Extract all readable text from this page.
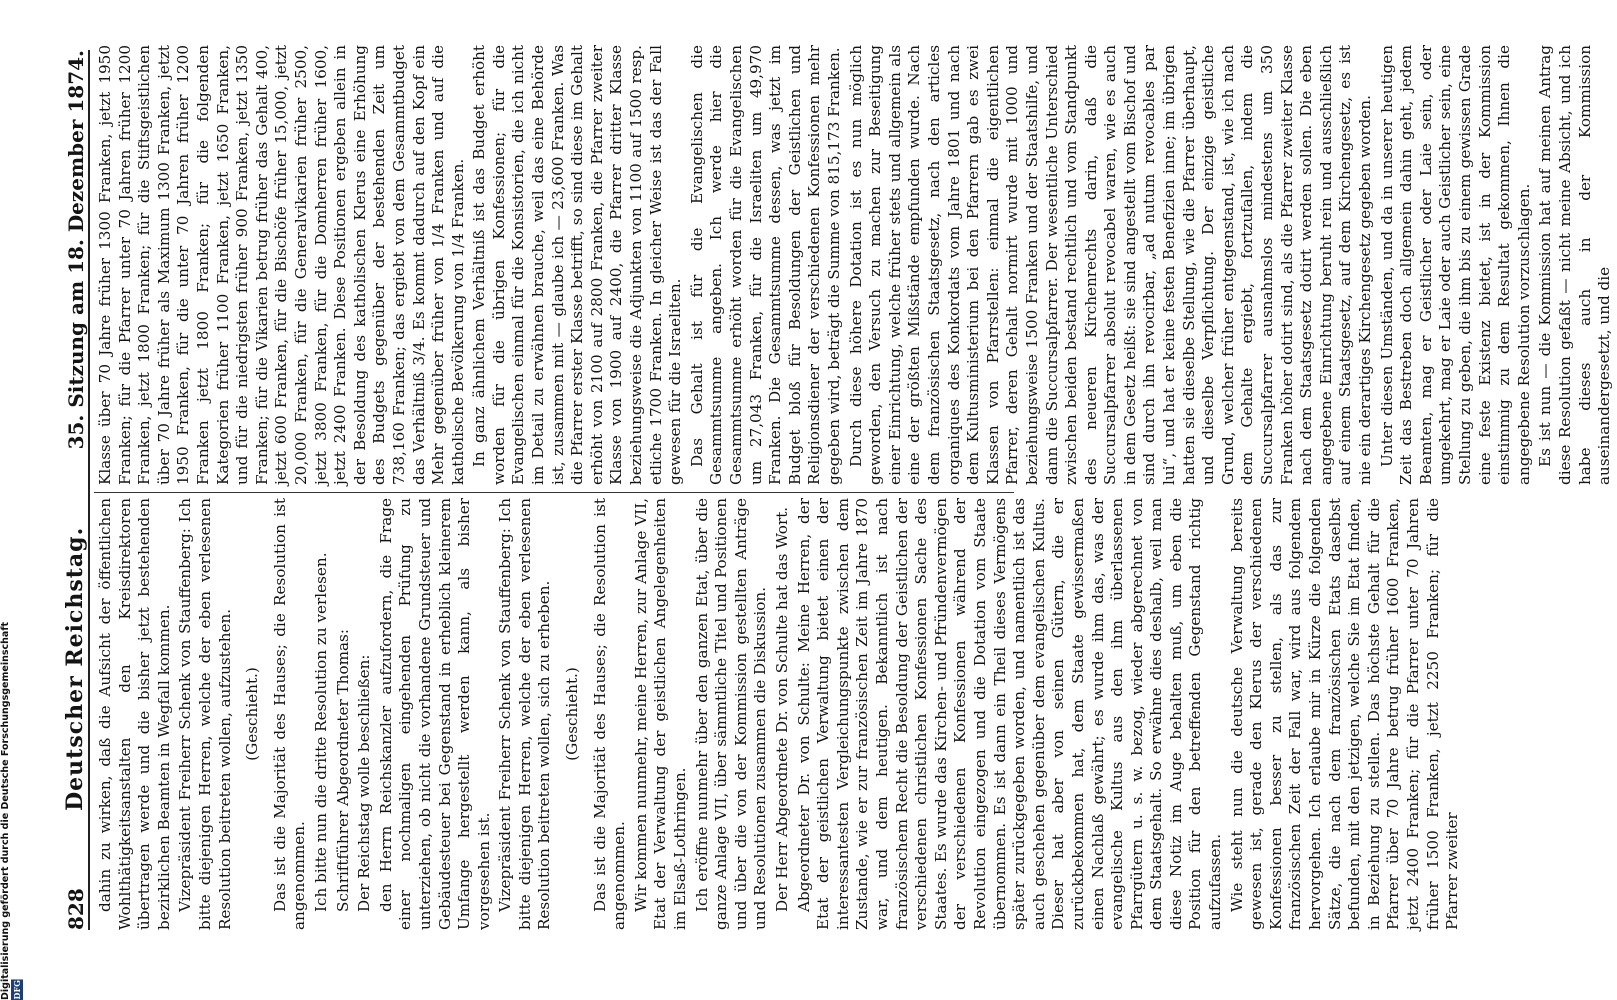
Digitalisierung gefördert durch die Deutsche Forschungsgemeinschaft DFG
828
Deutscher Reichstag.
35. Sitzung am 18. Dezember 1874.

dahin zu wirken, daß die Aufsicht der öffentlichen Wohlthätigkeitsanstalten den Kreisdirektoren übertragen werde und die bisher jetzt bestehenden bezirklichen Beamten in Wegfall kommen. Vizepräsident Freiherr Schenk von Stauffenberg: Ich bitte diejenigen Herren, welche der eben verlesenen Resolution beitreten wollen, aufzustehen. (Geschieht.) Das ist die Majorität des Hauses; die Resolution ist angenommen. Ich bitte nun die dritte Resolution zu verlesen. Schriftführer Abgeordneter Thomas: Der Reichstag wolle beschließen: den Herrn Reichskanzler aufzufordern, die Frage einer nochmaligen eingehenden Prüfung zu unterziehen, ob nicht die vorhandene Grundsteuer und Gebäudesteuer bei Gegenstand in erheblich kleinerem Umfange hergestellt werden kann, als bisher vorgesehen ist. Vizepräsident Freiherr Schenk von Stauffenberg: Ich bitte diejenigen Herren, welche der eben verlesenen Resolution beitreten wollen, sich zu erheben. (Geschieht.) Das ist die Majorität des Hauses; die Resolution ist angenommen. Wir kommen nunmehr, meine Herren, zur Anlage VII, Etat der Verwaltung der geistlichen Angelegenheiten im Elsaß-Lothringen. Ich eröffne nunmehr über den ganzen Etat, über die ganze Anlage VII, über sämmtliche Titel und Positionen und über die von der Kommission gestellten Anträge und Resolutionen zusammen die Diskussion. Der Herr Abgeordnete Dr. von Schulte hat das Wort. Abgeordneter Dr. von Schulte: Meine Herren, der Etat der geistlichen Verwaltung bietet einen der interessantesten Vergleichungspunkte zwischen dem Zustande, wie er zur französischen Zeit im Jahre 1870 war, und dem heutigen. Bekanntlich ist nach französischem Recht die Besoldung der Geistlichen der verschiedenen christlichen Konfessionen Sache des Staates. Es wurde das Kirchen- und Pfründenvermögen der verschiedenen Konfessionen während der Revolution eingezogen und die Dotation vom Staate übernommen. Es ist dann ein Theil dieses Vermögens später zurückgegeben worden, und namentlich ist das auch geschehen gegenüber dem evangelischen Kultus. Dieser hat aber von seinen Gütern, die er zurückbekommen hat, dem Staate gewissermaßen einen Nachlaß gewährt; es wurde ihm das, was der evangelische Kultus aus den ihm überlassenen Pfarrgütern u. s. w. bezog, wieder abgerechnet von dem Staatsgehalt. So erwähne dies deshalb, weil man diese Notiz im Auge behalten muß, um eben die Position für den betreffenden Gegenstand richtig aufzufassen. Wie steht nun die deutsche Verwaltung bereits gewesen ist, gerade den Klerus der verschiedenen Konfessionen besser zu stellen, als das zur französischen Zeit der Fall war, wird aus folgendem hervorgehen. Ich erlaube mir in Kürze die folgenden Sätze, die nach dem französischen Etats daselbst befunden, mit den jetzigen, welche Sie im Etat finden, in Beziehung zu stellen. Das höchste Gehalt für die Pfarrer über 70 Jahre betrug früher 1600 Franken, jetzt 2400 Franken; für die Pfarrer unter 70 Jahren früher 1500 Franken, jetzt 2250 Franken; für die Pfarrer zweiter

Klasse über 70 Jahre früher 1300 Franken, jetzt 1950 Franken; für die Pfarrer unter 70 Jahren früher 1200 Franken, jetzt 1800 Franken; für die Stiftsgeistlichen über 70 Jahre früher als Maximum 1300 Franken, jetzt 1950 Franken, für die unter 70 Jahren früher 1200 Franken jetzt 1800 Franken; für die folgenden Kategorien früher 1100 Franken, jetzt 1650 Franken, und für die niedrigsten früher 900 Franken, jetzt 1350 Franken; für die Vikarien betrug früher das Gehalt 400, jetzt 600 Franken, für die Bischöfe früher 15,000, jetzt 20,000 Franken, für die Generalvikarien früher 2500, jetzt 3800 Franken, für die Domherren früher 1600, jetzt 2400 Franken. Diese Positionen ergeben allein in der Besoldung des katholischen Klerus eine Erhöhung des Budgets gegenüber der bestehenden Zeit um 738,160 Franken; das ergiebt von dem Gesammtbudget das Verhältniß 3/4. Es kommt dadurch auf den Kopf ein Mehr gegenüber früher von 1/4 Franken und auf die katholische Bevölkerung von 1/4 Franken. In ganz ähnlichem Verhältniß ist das Budget erhöht worden für die übrigen Konfessionen; für die Evangelischen einmal für die Konsistorien, die ich nicht im Detail zu erwähnen brauche, weil das eine Behörde ist, zusammen mit — glaube ich — 23,600 Franken. Was die Pfarrer erster Klasse betrifft, so sind diese im Gehalt erhöht von 2100 auf 2800 Franken, die Pfarrer zweiter Klasse von 1900 auf 2400, die Pfarrer dritter Klasse beziehungsweise die Adjunkten von 1100 auf 1500 resp. etliche 1700 Franken. In gleicher Weise ist das der Fall gewesen für die Israeliten. Das Gehalt ist für die Evangelischen die Gesammtsumme angeben. Ich werde hier die Gesammtsumme erhöht worden für die Evangelischen um 27,043 Franken, für die Israeliten um 49,970 Franken. Die Gesammtsumme dessen, was jetzt im Budget bloß für Besoldungen der Geistlichen und Religionsdiener der verschiedenen Konfessionen mehr gegeben wird, beträgt die Summe von 815,173 Franken. Durch diese höhere Dotation ist es nun möglich geworden, den Versuch zu machen zur Beseitigung einer Einrichtung, welche früher stets und allgemein als eine der größten Mißstände empfunden wurde. Nach dem französischen Staatsgesetz, nach den articles organiques des Konkordats vom Jahre 1801 und nach dem Kultusministerium bei den Pfarrern gab es zwei Klassen von Pfarrstellen: einmal die eigentlichen Pfarrer, deren Gehalt normirt wurde mit 1000 und beziehungsweise 1500 Franken und der Staatshilfe, und dann die Succursalpfarrer. Der wesentliche Unterschied zwischen beiden bestand rechtlich und vom Standpunkt des neueren Kirchenrechts darin, daß die Succursalpfarrer absolut revocabel waren, wie es auch in dem Gesetz heißt: sie sind angestellt vom Bischof und sind durch ihn revocirbar, „ad nutum revocables par lui“, und hat er keine festen Benefizien inne; im übrigen hatten sie dieselbe Stellung, wie die Pfarrer überhaupt, und dieselbe Verpflichtung. Der einzige geistliche Grund, welcher früher entgegenstand, ist, wie ich nach dem Gehalte ergiebt, fortzufallen, indem die Succursalpfarrer ausnahmslos mindestens um 350 Franken höher dotirt sind, als die Pfarrer zweiter Klasse nach dem Staatsgesetz dotirt werden sollen. Die eben angegebene Einrichtung beruht rein und ausschließlich auf einem Staatsgesetz, auf dem Kirchengesetz, es ist nie ein derartiges Kirchengesetz gegeben worden. Unter diesen Umständen, und da in unserer heutigen Zeit das Bestreben doch allgemein dahin geht, jedem Beamten, mag er Geistlicher oder Laie sein, oder umgekehrt, mag er Laie oder auch Geistlicher sein, eine Stellung zu geben, die ihm bis zu einem gewissen Grade eine feste Existenz bietet, ist in der Kommission einstimmig zu dem Resultat gekommen, Ihnen die angegebene Resolution vorzuschlagen. Es ist nun — die Kommission hat auf meinen Antrag diese Resolution gefaßt — nicht meine Absicht, und ich habe dieses auch in der Kommission auseinandergesetzt, und die
